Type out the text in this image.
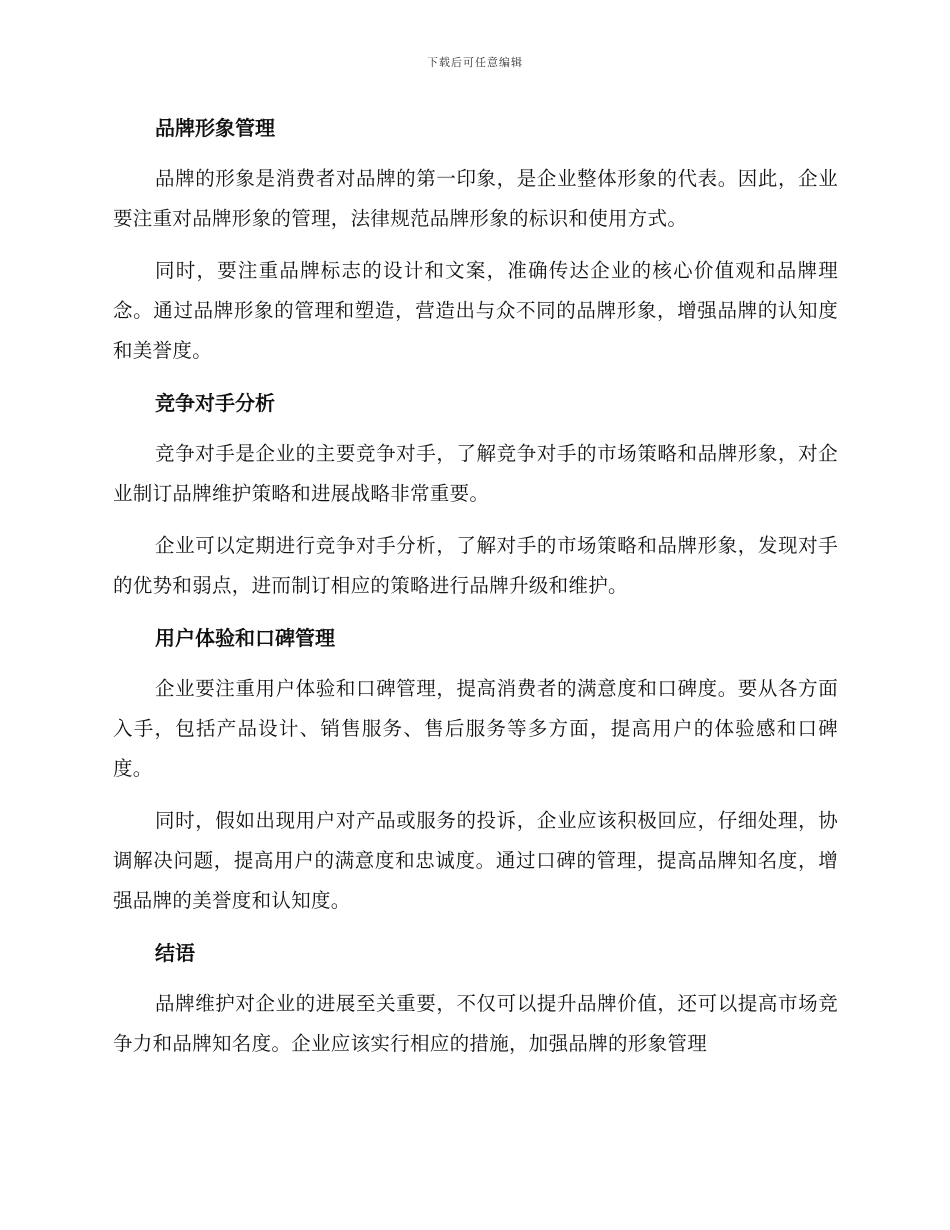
下载后可任意编辑
品牌形象管理

品牌的形象是消费者对品牌的第一印象，是企业整体形象的代表。因此，企业要注重对品牌形象的管理，法律规范品牌形象的标识和使用方式。

同时，要注重品牌标志的设计和文案，准确传达企业的核心价值观和品牌理念。通过品牌形象的管理和塑造，营造出与众不同的品牌形象，增强品牌的认知度和美誉度。

竞争对手分析

竞争对手是企业的主要竞争对手，了解竞争对手的市场策略和品牌形象，对企业制订品牌维护策略和进展战略非常重要。

企业可以定期进行竞争对手分析，了解对手的市场策略和品牌形象，发现对手的优势和弱点，进而制订相应的策略进行品牌升级和维护。

用户体验和口碑管理

企业要注重用户体验和口碑管理，提高消费者的满意度和口碑度。要从各方面入手，包括产品设计、销售服务、售后服务等多方面，提高用户的体验感和口碑度。

同时，假如出现用户对产品或服务的投诉，企业应该积极回应，仔细处理，协调解决问题，提高用户的满意度和忠诚度。通过口碑的管理，提高品牌知名度，增强品牌的美誉度和认知度。

结语

品牌维护对企业的进展至关重要，不仅可以提升品牌价值，还可以提高市场竞争力和品牌知名度。企业应该实行相应的措施，加强品牌的形象管理
